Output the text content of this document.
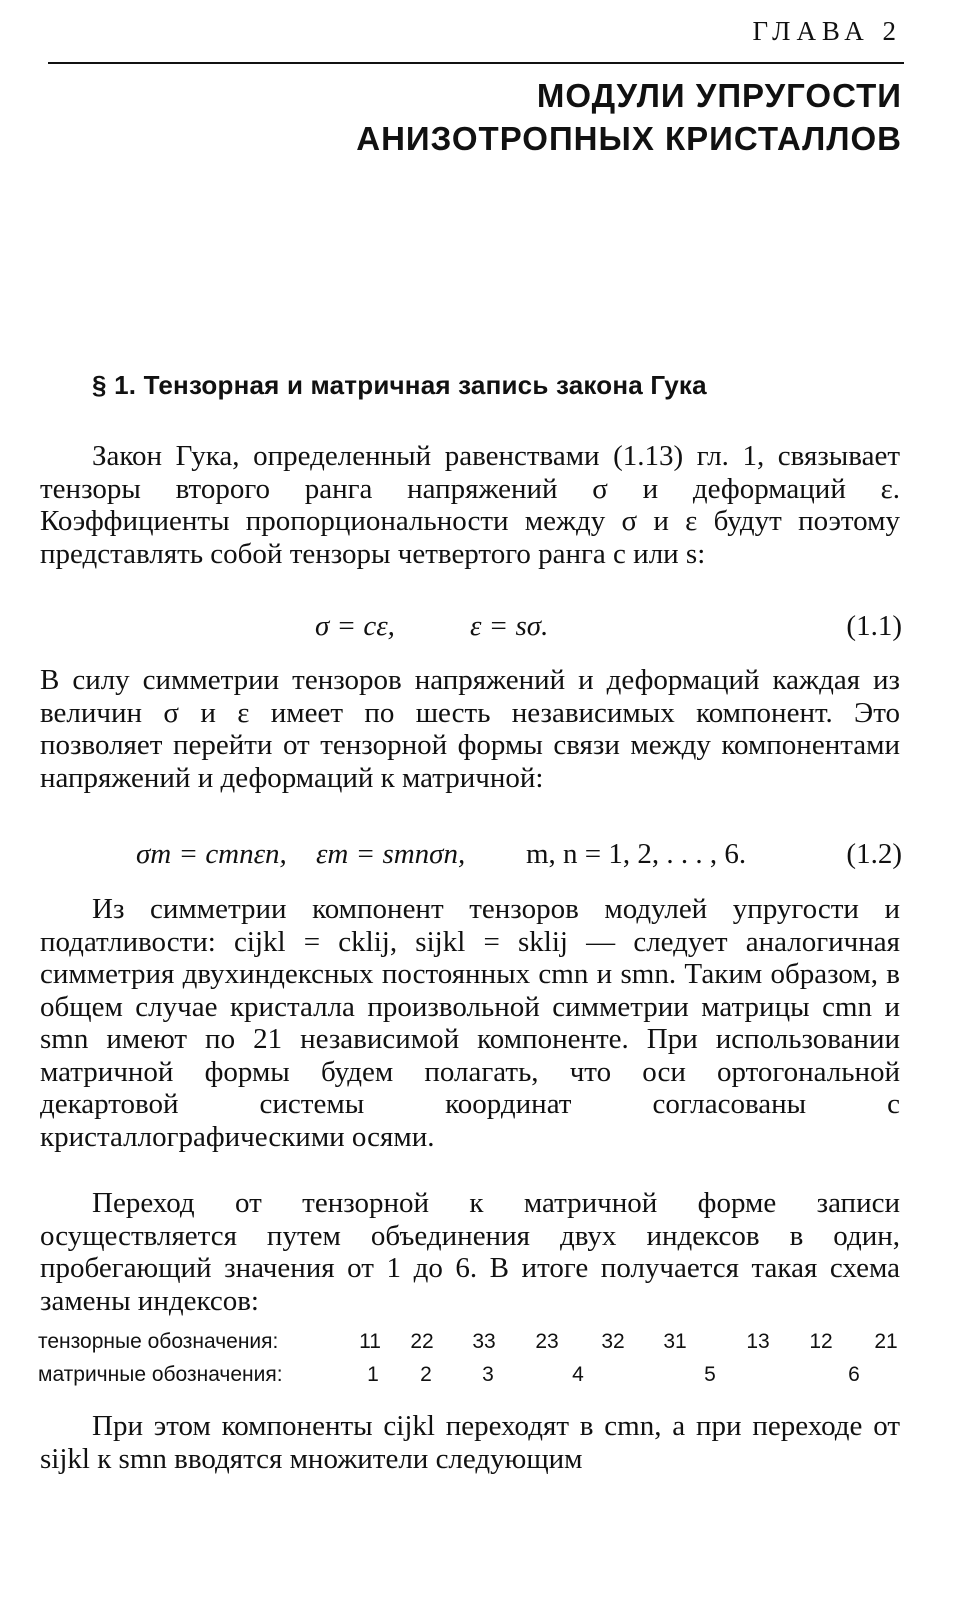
ГЛАВА 2
МОДУЛИ УПРУГОСТИ
АНИЗОТРОПНЫХ КРИСТАЛЛОВ
§ 1. Тензорная и матричная запись закона Гука

Закон Гука, определенный равенствами (1.13) гл. 1, связывает тензоры второго ранга напряжений σ и деформаций ε. Коэффициенты пропорциональности между σ и ε будут поэтому представлять собой тензоры четвертого ранга c или s:

σ = cε,	ε = sσ.	(1.1)

В силу симметрии тензоров напряжений и деформаций каждая из величин σ и ε имеет по шесть независимых компонент. Это позволяет перейти от тензорной формы связи между компонентами напряжений и деформаций к матричной:

σm = cmnεn, εm = smnσn, m, n = 1, 2, . . . , 6.	(1.2)

Из симметрии компонент тензоров модулей упругости и податливости: cijkl = cklij, sijkl = sklij — следует аналогичная симметрия двухиндексных постоянных cmn и smn. Таким образом, в общем случае кристалла произвольной симметрии матрицы cmn и smn имеют по 21 независимой компоненте. При использовании матричной формы будем полагать, что оси ортогональной декартовой системы координат согласованы с кристаллографическими осями.

Переход от тензорной к матричной форме записи осуществляется путем объединения двух индексов в один, пробегающий значения от 1 до 6. В итоге получается такая схема замены индексов:

тензорные обозначения:	11	22	33	23	32	31	13	12	21
матричные обозначения:	1	2	3	4	5	6

При этом компоненты cijkl переходят в cmn, а при переходе от sijkl к smn вводятся множители следующим
